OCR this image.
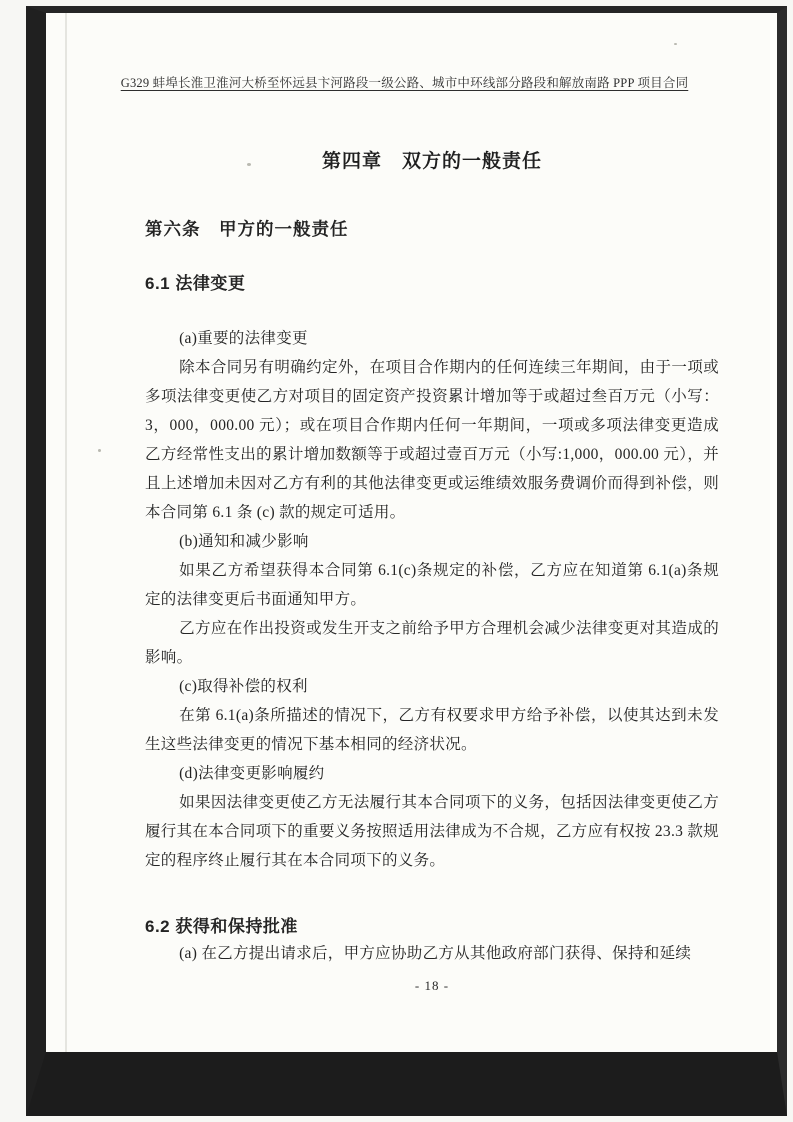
G329 蚌埠长淮卫淮河大桥至怀远县卞河路段一级公路、城市中环线部分路段和解放南路 PPP 项目合同
第四章　双方的一般责任
第六条　甲方的一般责任
6.1 法律变更

(a)重要的法律变更

除本合同另有明确约定外，在项目合作期内的任何连续三年期间，由于一项或多项法律变更使乙方对项目的固定资产投资累计增加等于或超过叁百万元（小写：3，000，000.00 元）；或在项目合作期内任何一年期间，一项或多项法律变更造成乙方经常性支出的累计增加数额等于或超过壹百万元（小写:1,000，000.00 元），并且上述增加未因对乙方有利的其他法律变更或运维绩效服务费调价而得到补偿，则本合同第 6.1 条 (c) 款的规定可适用。

(b)通知和减少影响

如果乙方希望获得本合同第 6.1(c)条规定的补偿，乙方应在知道第 6.1(a)条规定的法律变更后书面通知甲方。

乙方应在作出投资或发生开支之前给予甲方合理机会减少法律变更对其造成的影响。

(c)取得补偿的权利

在第 6.1(a)条所描述的情况下，乙方有权要求甲方给予补偿，以使其达到未发生这些法律变更的情况下基本相同的经济状况。

(d)法律变更影响履约

如果因法律变更使乙方无法履行其本合同项下的义务，包括因法律变更使乙方履行其在本合同项下的重要义务按照适用法律成为不合规，乙方应有权按 23.3 款规定的程序终止履行其在本合同项下的义务。

6.2 获得和保持批准

(a) 在乙方提出请求后，甲方应协助乙方从其他政府部门获得、保持和延续

- 18 -
